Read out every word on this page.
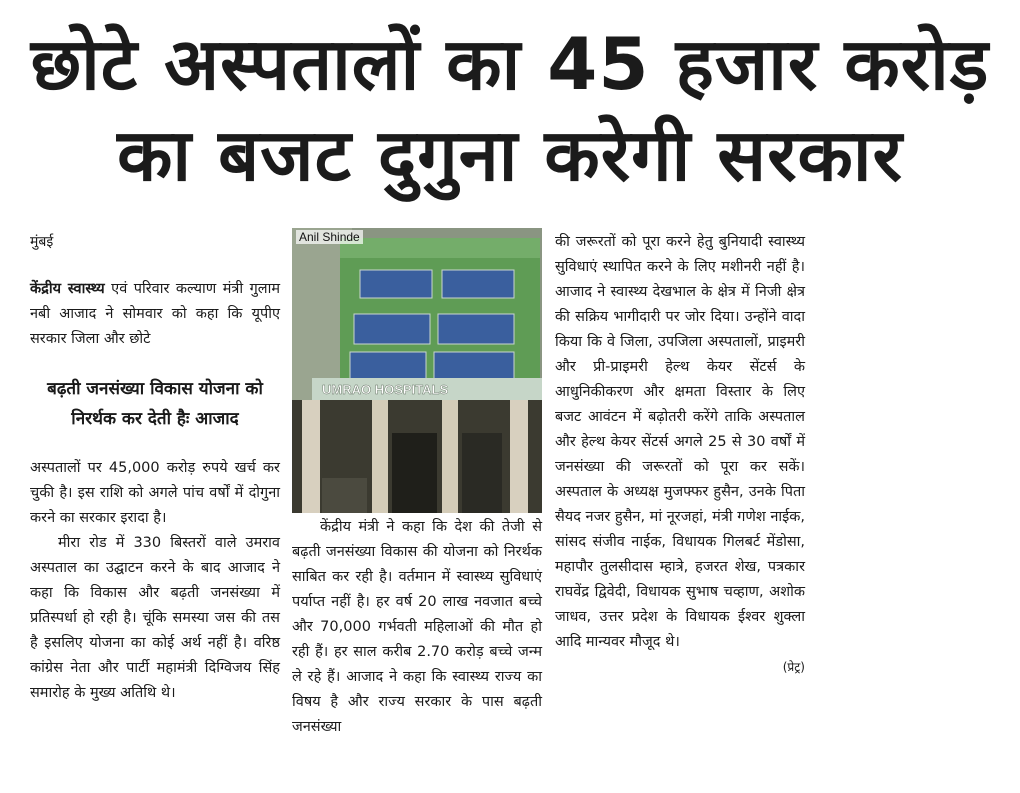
छोटे अस्पतालों का 45 हजार करोड़
का बजट दुगुना करेगी सरकार

मुंबई

केंद्रीय स्वास्थ्य एवं परिवार कल्याण मंत्री गुलाम नबी आजाद ने सोमवार को कहा कि यूपीए सरकार जिला और छोटे

बढ़ती जनसंख्या विकास योजना को निरर्थक कर देती हैः आजाद

अस्पतालों पर 45,000 करोड़ रुपये खर्च कर चुकी है। इस राशि को अगले पांच वर्षों में दोगुना करने का सरकार इरादा है।

मीरा रोड में 330 बिस्तरों वाले उमराव अस्पताल का उद्घाटन करने के बाद आजाद ने कहा कि विकास और बढ़ती जनसंख्या में प्रतिस्पर्धा हो रही है। चूंकि समस्या जस की तस है इसलिए योजना का कोई अर्थ नहीं है। वरिष्ठ कांग्रेस नेता और पार्टी महामंत्री दिग्विजय सिंह समारोह के मुख्य अतिथि थे।

UMRAO HOSPITALS
Anil Shinde

केंद्रीय मंत्री ने कहा कि देश की तेजी से बढ़ती जनसंख्या विकास की योजना को निरर्थक साबित कर रही है। वर्तमान में स्वास्थ्य सुविधाएं पर्याप्त नहीं है। हर वर्ष 20 लाख नवजात बच्चे और 70,000 गर्भवती महिलाओं की मौत हो रही हैं। हर साल करीब 2.70 करोड़ बच्चे जन्म ले रहे हैं। आजाद ने कहा कि स्वास्थ्य राज्य का विषय है और राज्य सरकार के पास बढ़ती जनसंख्या

की जरूरतों को पूरा करने हेतु बुनियादी स्वास्थ्य सुविधाएं स्थापित करने के लिए मशीनरी नहीं है। आजाद ने स्वास्थ्य देखभाल के क्षेत्र में निजी क्षेत्र की सक्रिय भागीदारी पर जोर दिया। उन्होंने वादा किया कि वे जिला, उपजिला अस्पतालों, प्राइमरी और प्री-प्राइमरी हेल्थ केयर सेंटर्स के आधुनिकीकरण और क्षमता विस्तार के लिए बजट आवंटन में बढ़ोतरी करेंगे ताकि अस्पताल और हेल्थ केयर सेंटर्स अगले 25 से 30 वर्षों में जनसंख्या की जरूरतों को पूरा कर सकें। अस्पताल के अध्यक्ष मुजफ्फर हुसैन, उनके पिता सैयद नजर हुसैन, मां नूरजहां, मंत्री गणेश नाईक, सांसद संजीव नाईक, विधायक गिलबर्ट मेंडोसा, महापौर तुलसीदास म्हात्रे, हजरत शेख, पत्रकार राघवेंद्र द्विवेदी, विधायक सुभाष चव्हाण, अशोक जाधव, उत्तर प्रदेश के विधायक ईश्वर शुक्ला आदि मान्यवर मौजूद थे।

(प्रेट्र)
